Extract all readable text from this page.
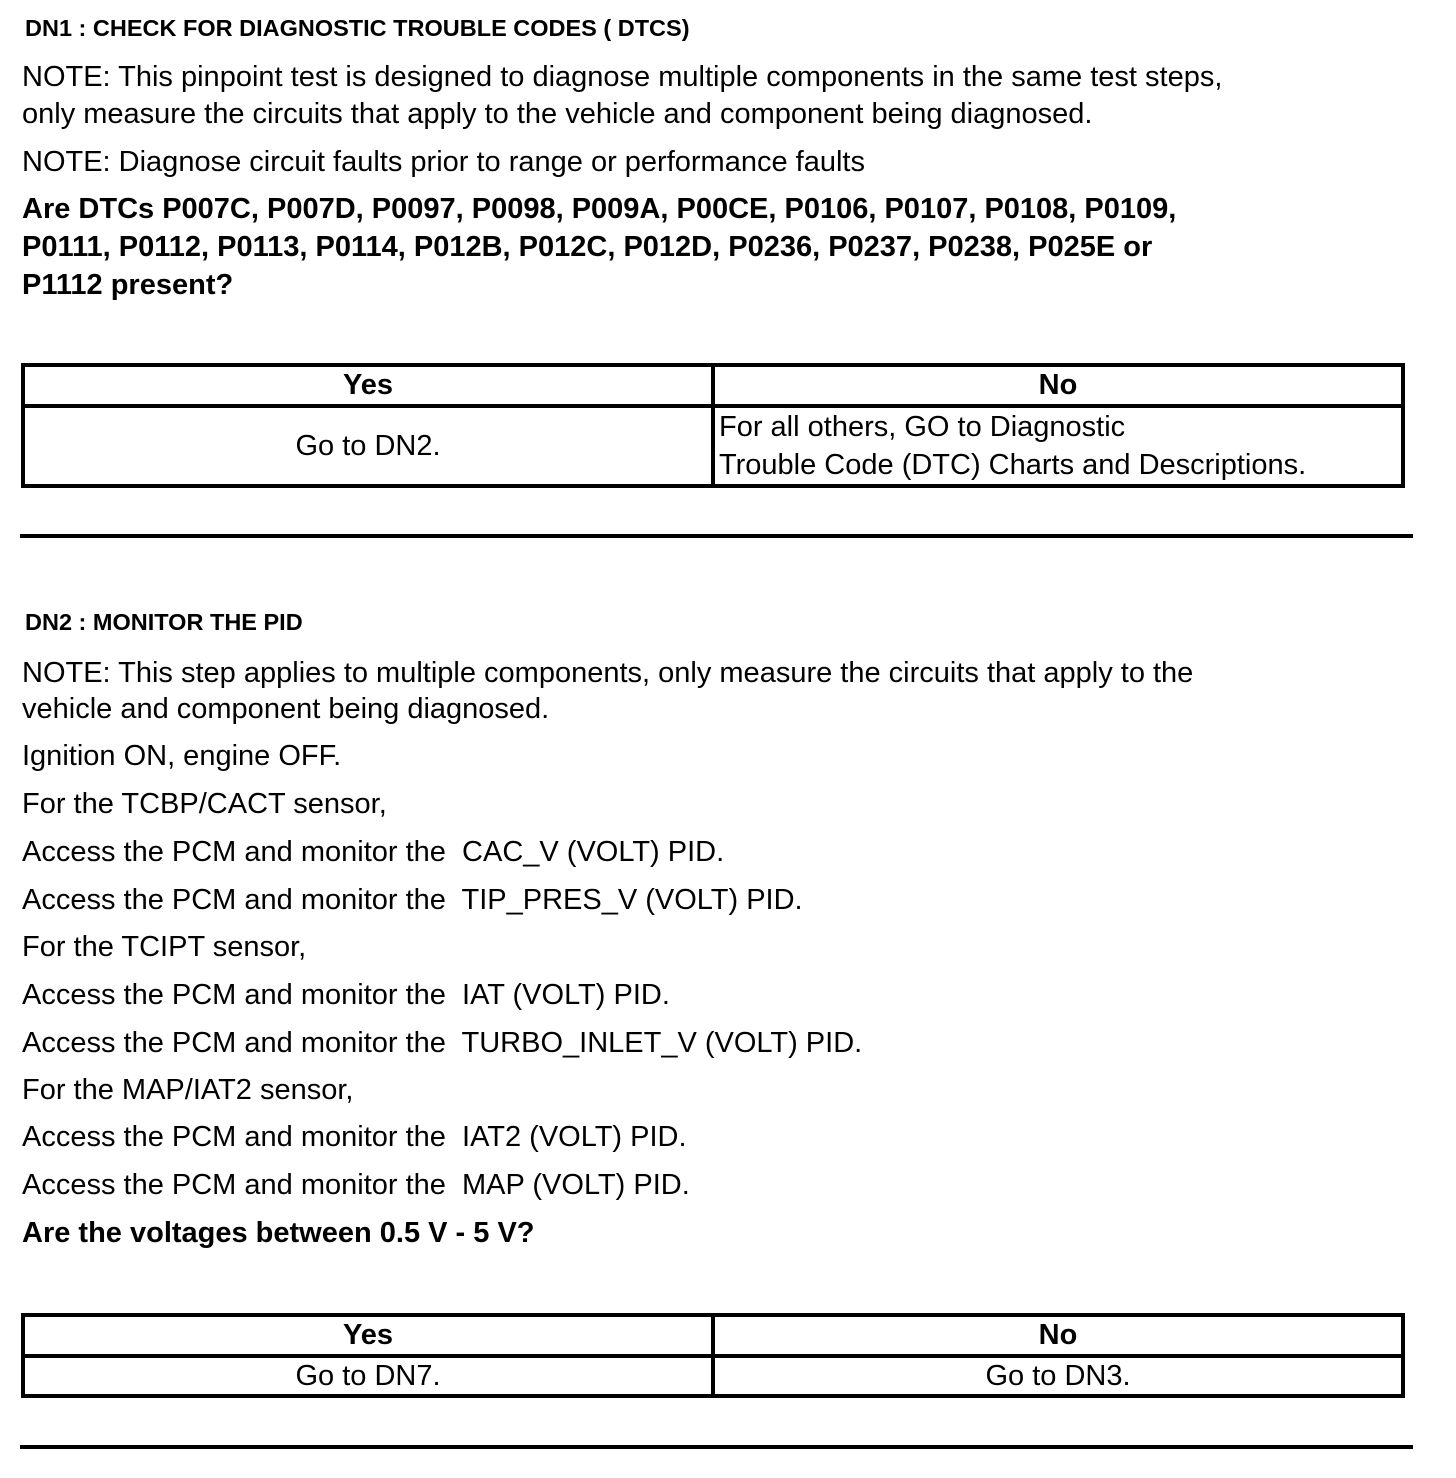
DN1 : CHECK FOR DIAGNOSTIC TROUBLE CODES ( DTCS)
NOTE: This pinpoint test is designed to diagnose multiple components in the same test steps,
only measure the circuits that apply to the vehicle and component being diagnosed.
NOTE: Diagnose circuit faults prior to range or performance faults
Are DTCs P007C, P007D, P0097, P0098, P009A, P00CE, P0106, P0107, P0108, P0109,
P0111, P0112, P0113, P0114, P012B, P012C, P012D, P0236, P0237, P0238, P025E or
P1112 present?
Yes	No
Go to DN2.	For all others, GO to Diagnostic
Trouble Code (DTC) Charts and Descriptions.
DN2 : MONITOR THE PID
NOTE: This step applies to multiple components, only measure the circuits that apply to the
vehicle and component being diagnosed.
Ignition ON, engine OFF.
For the TCBP/CACT sensor,
Access the PCM and monitor the  CAC_V (VOLT) PID.
Access the PCM and monitor the  TIP_PRES_V (VOLT) PID.
For the TCIPT sensor,
Access the PCM and monitor the  IAT (VOLT) PID.
Access the PCM and monitor the  TURBO_INLET_V (VOLT) PID.
For the MAP/IAT2 sensor,
Access the PCM and monitor the  IAT2 (VOLT) PID.
Access the PCM and monitor the  MAP (VOLT) PID.
Are the voltages between 0.5 V - 5 V?
Yes	No
Go to DN7.	Go to DN3.
